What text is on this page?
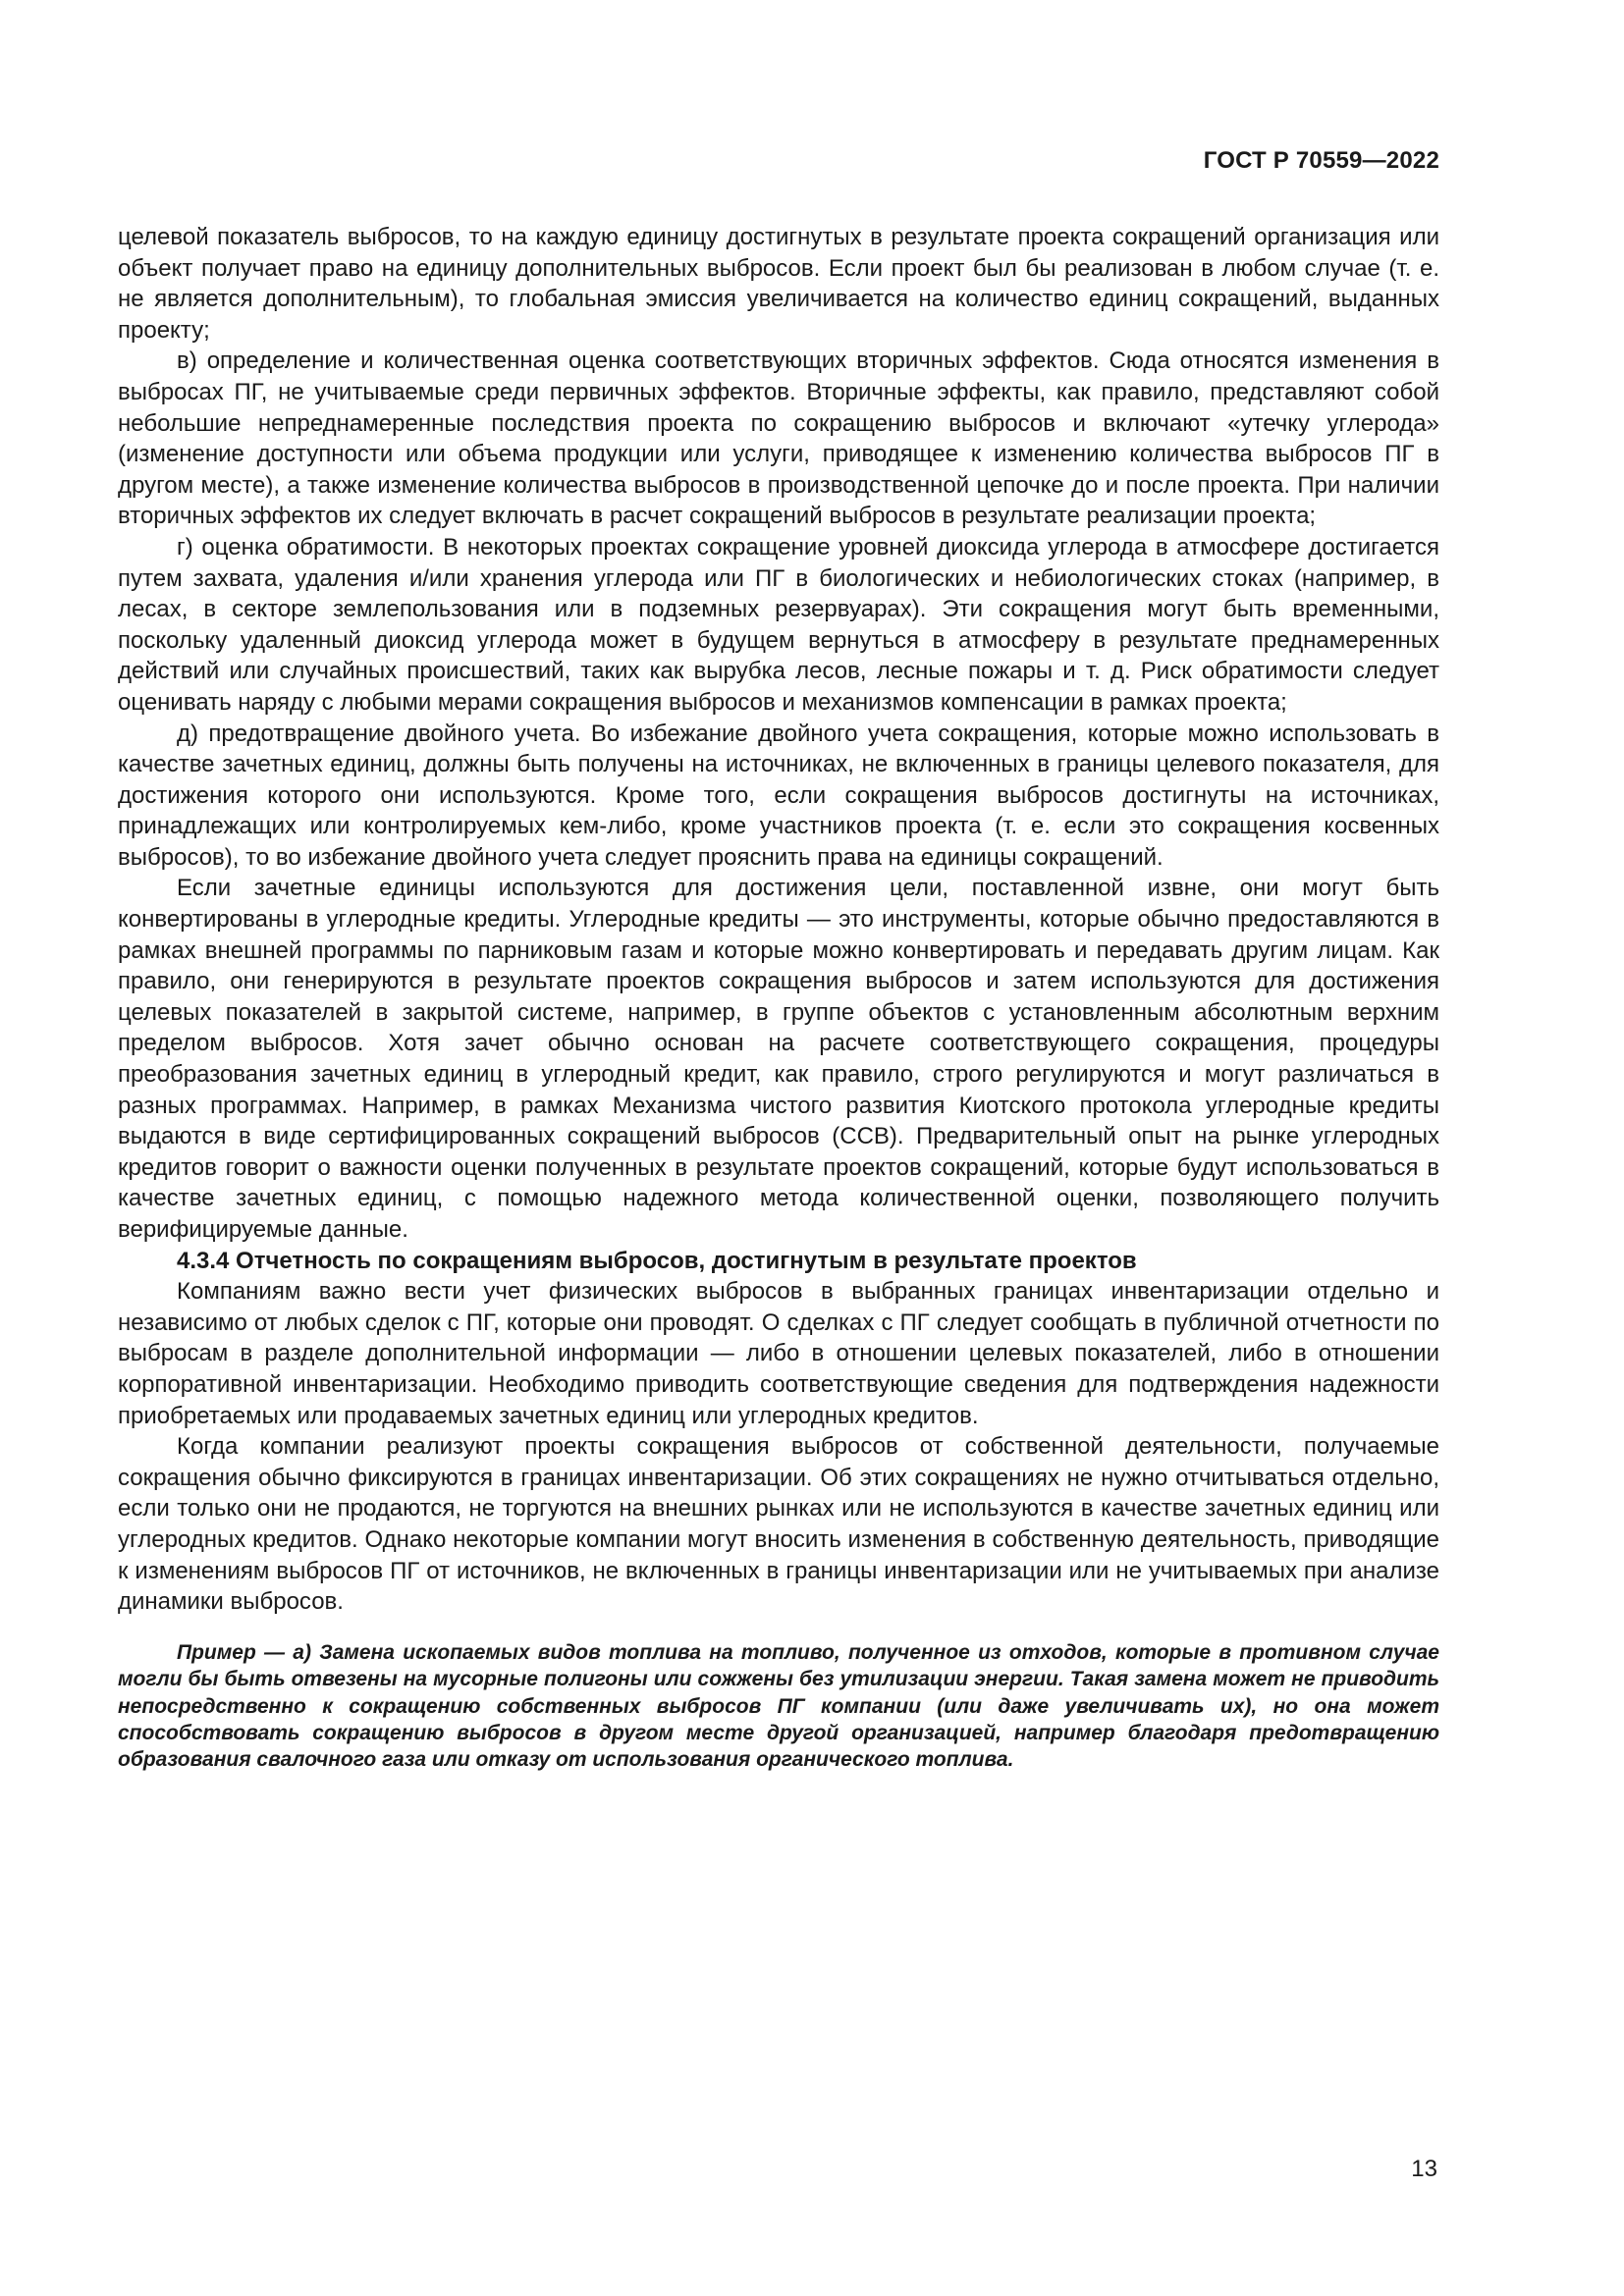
ГОСТ Р 70559—2022

целевой показатель выбросов, то на каждую единицу достигнутых в результате проекта сокращений организация или объект получает право на единицу дополнительных выбросов. Если проект был бы реализован в любом случае (т. е. не является дополнительным), то глобальная эмиссия увеличивается на количество единиц сокращений, выданных проекту;

в) определение и количественная оценка соответствующих вторичных эффектов. Сюда относятся изменения в выбросах ПГ, не учитываемые среди первичных эффектов. Вторичные эффекты, как правило, представляют собой небольшие непреднамеренные последствия проекта по сокращению выбросов и включают «утечку углерода» (изменение доступности или объема продукции или услуги, приводящее к изменению количества выбросов ПГ в другом месте), а также изменение количества выбросов в производственной цепочке до и после проекта. При наличии вторичных эффектов их следует включать в расчет сокращений выбросов в результате реализации проекта;

г) оценка обратимости. В некоторых проектах сокращение уровней диоксида углерода в атмосфере достигается путем захвата, удаления и/или хранения углерода или ПГ в биологических и небиологических стоках (например, в лесах, в секторе землепользования или в подземных резервуарах). Эти сокращения могут быть временными, поскольку удаленный диоксид углерода может в будущем вернуться в атмосферу в результате преднамеренных действий или случайных происшествий, таких как вырубка лесов, лесные пожары и т. д. Риск обратимости следует оценивать наряду с любыми мерами сокращения выбросов и механизмов компенсации в рамках проекта;

д) предотвращение двойного учета. Во избежание двойного учета сокращения, которые можно использовать в качестве зачетных единиц, должны быть получены на источниках, не включенных в границы целевого показателя, для достижения которого они используются. Кроме того, если сокращения выбросов достигнуты на источниках, принадлежащих или контролируемых кем-либо, кроме участников проекта (т. е. если это сокращения косвенных выбросов), то во избежание двойного учета следует прояснить права на единицы сокращений.

Если зачетные единицы используются для достижения цели, поставленной извне, они могут быть конвертированы в углеродные кредиты. Углеродные кредиты — это инструменты, которые обычно предоставляются в рамках внешней программы по парниковым газам и которые можно конвертировать и передавать другим лицам. Как правило, они генерируются в результате проектов сокращения выбросов и затем используются для достижения целевых показателей в закрытой системе, например, в группе объектов с установленным абсолютным верхним пределом выбросов. Хотя зачет обычно основан на расчете соответствующего сокращения, процедуры преобразования зачетных единиц в углеродный кредит, как правило, строго регулируются и могут различаться в разных программах. Например, в рамках Механизма чистого развития Киотского протокола углеродные кредиты выдаются в виде сертифицированных сокращений выбросов (ССВ). Предварительный опыт на рынке углеродных кредитов говорит о важности оценки полученных в результате проектов сокращений, которые будут использоваться в качестве зачетных единиц, с помощью надежного метода количественной оценки, позволяющего получить верифицируемые данные.

4.3.4 Отчетность по сокращениям выбросов, достигнутым в результате проектов

Компаниям важно вести учет физических выбросов в выбранных границах инвентаризации отдельно и независимо от любых сделок с ПГ, которые они проводят. О сделках с ПГ следует сообщать в публичной отчетности по выбросам в разделе дополнительной информации — либо в отношении целевых показателей, либо в отношении корпоративной инвентаризации. Необходимо приводить соответствующие сведения для подтверждения надежности приобретаемых или продаваемых зачетных единиц или углеродных кредитов.

Когда компании реализуют проекты сокращения выбросов от собственной деятельности, получаемые сокращения обычно фиксируются в границах инвентаризации. Об этих сокращениях не нужно отчитываться отдельно, если только они не продаются, не торгуются на внешних рынках или не используются в качестве зачетных единиц или углеродных кредитов. Однако некоторые компании могут вносить изменения в собственную деятельность, приводящие к изменениям выбросов ПГ от источников, не включенных в границы инвентаризации или не учитываемых при анализе динамики выбросов.

Пример — а) Замена ископаемых видов топлива на топливо, полученное из отходов, которые в противном случае могли бы быть отвезены на мусорные полигоны или сожжены без утилизации энергии. Такая замена может не приводить непосредственно к сокращению собственных выбросов ПГ компании (или даже увеличивать их), но она может способствовать сокращению выбросов в другом месте другой организацией, например благодаря предотвращению образования свалочного газа или отказу от использования органического топлива.

13
